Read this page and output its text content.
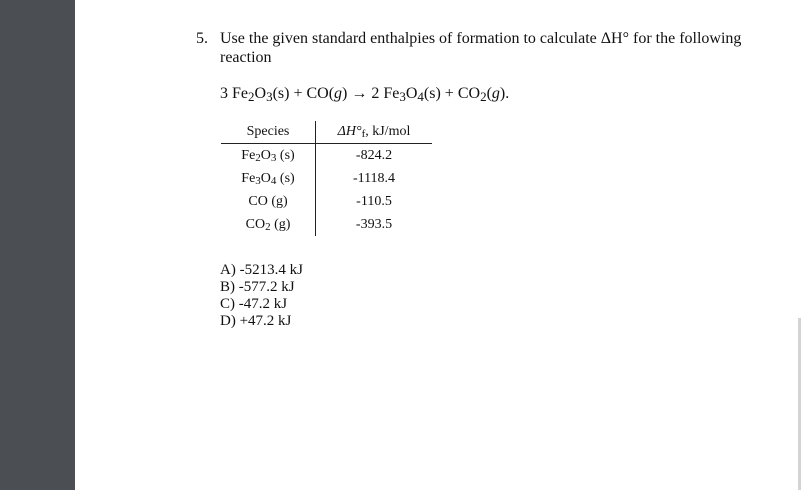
5. Use the given standard enthalpies of formation to calculate ΔH° for the following reaction
3 $Fe_2O_3(s) + CO(g) \to 2$ $Fe_3O_4(s) + CO_2(g)$.
Species	$\Delta H^\circ_f$, kJ/mol
$Fe_2O_3$ (s)	-824.2
$Fe_3O_4$ (s)	-1118.4
CO (g)	-110.5
$CO_2$ (g)	-393.5
A) -5213.4 kJ
B) -577.2 kJ
C) -47.2 kJ
D) +47.2 kJ
